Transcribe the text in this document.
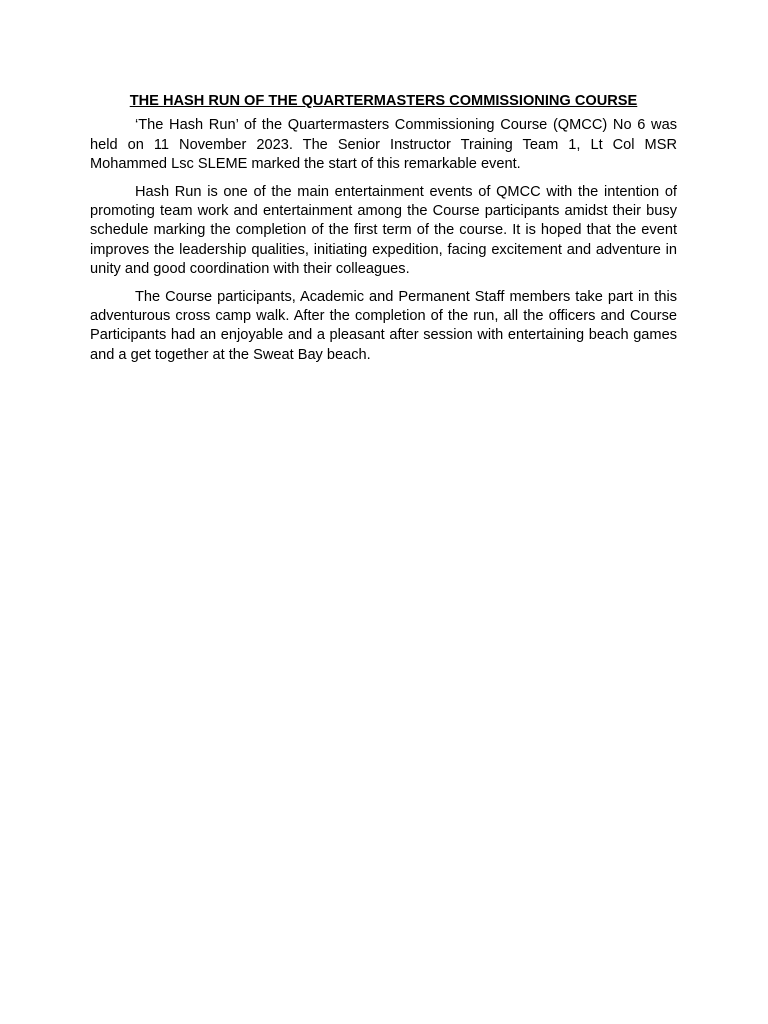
THE HASH RUN OF THE QUARTERMASTERS COMMISSIONING COURSE

‘The Hash Run’ of the Quartermasters Commissioning Course (QMCC) No 6 was held on 11 November 2023. The Senior Instructor Training Team 1, Lt Col MSR Mohammed Lsc SLEME marked the start of this remarkable event.

Hash Run is one of the main entertainment events of QMCC with the intention of promoting team work and entertainment among the Course participants amidst their busy schedule marking the completion of the first term of the course. It is hoped that the event improves the leadership qualities, initiating expedition, facing excitement and adventure in unity and good coordination with their colleagues.

The Course participants, Academic and Permanent Staff members take part in this adventurous cross camp walk. After the completion of the run, all the officers and Course Participants had an enjoyable and a pleasant after session with entertaining beach games and a get together at the Sweat Bay beach.
